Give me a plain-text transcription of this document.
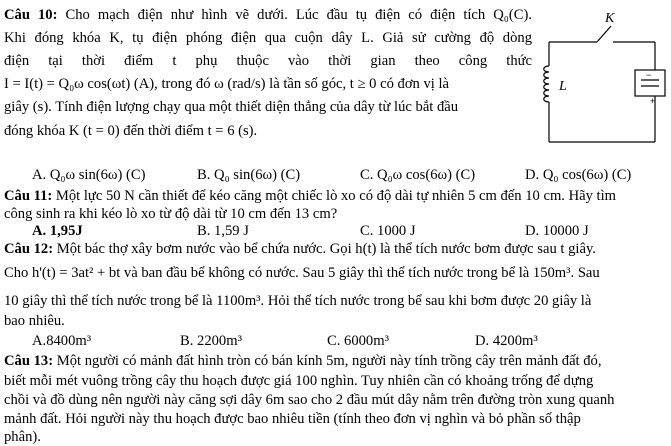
Câu 10: Cho mạch điện như hình vẽ dưới. Lúc đầu tụ điện có điện tích Q₀(C).
Khi đóng khóa K, tụ điện phóng điện qua cuộn dây L. Giả sử cường độ dòng
điện tại thời điểm t phụ thuộc vào thời gian theo công thức
I = I(t) = Q₀ω cos(ωt) (A), trong đó ω (rad/s) là tần số góc, t ≥ 0 có đơn vị là
giây (s). Tính điện lượng chạy qua một thiết diện thẳng của dây từ lúc bắt đầu
đóng khóa K (t = 0) đến thời điểm t = 6 (s).
A. Q₀ω sin(6ω) (C)	B. Q₀ sin(6ω) (C)	C. Q₀ω cos(6ω) (C)	D. Q₀ cos(6ω) (C)
Câu 11: Một lực 50 N cần thiết để kéo căng một chiếc lò xo có độ dài tự nhiên 5 cm đến 10 cm. Hãy tìm
công sinh ra khi kéo lò xo từ độ dài từ 10 cm đến 13 cm?
A. 1,95J	B. 1,59 J	C. 1000 J	D. 10000 J
Câu 12: Một bác thợ xây bơm nước vào bể chứa nước. Gọi h(t) là thể tích nước bơm được sau t giây.
Cho h'(t) = 3at² + bt và ban đầu bể không có nước. Sau 5 giây thì thể tích nước trong bể là 150m³. Sau
10 giây thì thể tích nước trong bể là 1100m³. Hỏi thể tích nước trong bể sau khi bơm được 20 giây là
bao nhiêu.
A.8400m³	B. 2200m³	C. 6000m³	D. 4200m³
Câu 13: Một người có mảnh đất hình tròn có bán kính 5m, người này tính trồng cây trên mảnh đất đó,
biết mỗi mét vuông trồng cây thu hoạch được giá 100 nghìn. Tuy nhiên cần có khoảng trống để dựng
chồi và đồ dùng nên người này căng sợi dây 6m sao cho 2 đầu mút dây nằm trên đường tròn xung quanh
mảnh đất. Hỏi người này thu hoạch được bao nhiêu tiền (tính theo đơn vị nghìn và bỏ phần số thập
phân).
K
L
+
−
